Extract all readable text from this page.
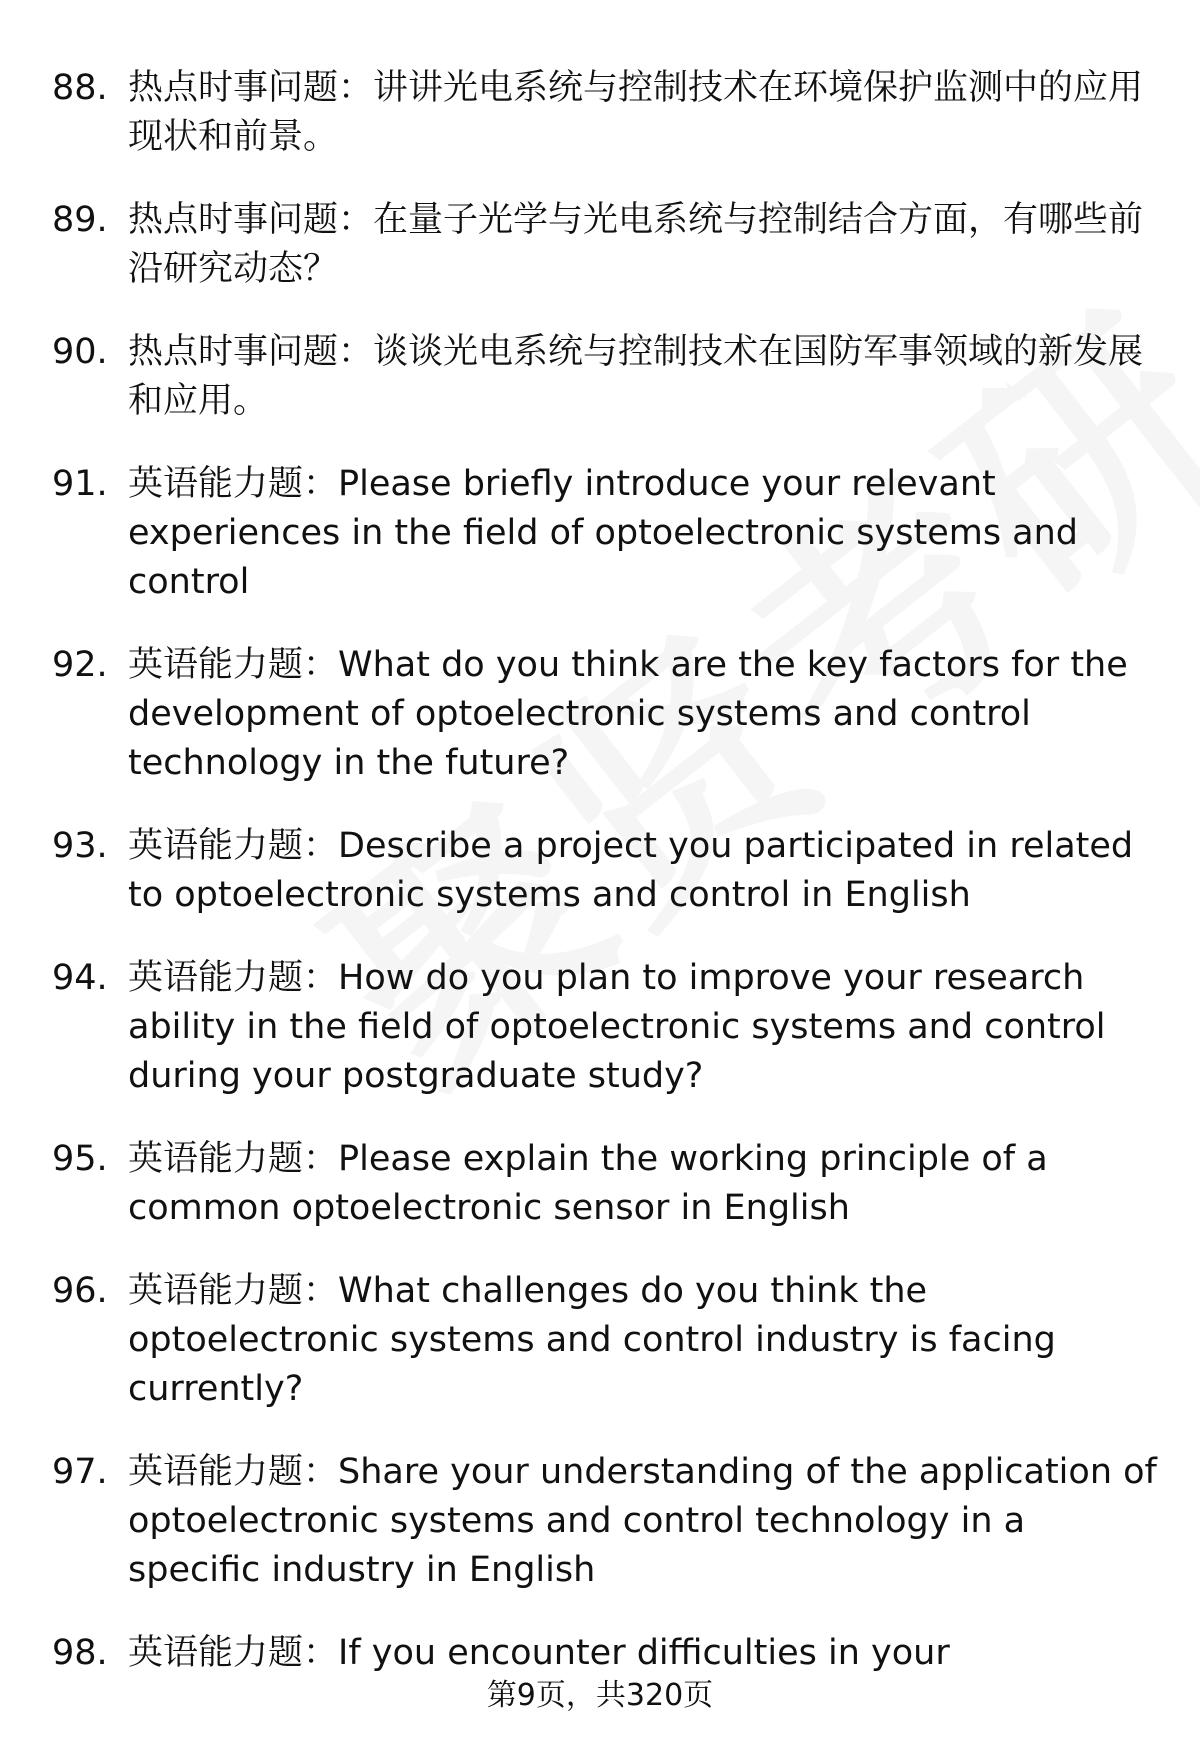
88. 热点时事问题：讲讲光电系统与控制技术在环境保护监测中的应用现状和前景。
89. 热点时事问题：在量子光学与光电系统与控制结合方面，有哪些前沿研究动态？
90. 热点时事问题：谈谈光电系统与控制技术在国防军事领域的新发展和应用。
91. 英语能力题：Please briefly introduce your relevant experiences in the field of optoelectronic systems and control
92. 英语能力题：What do you think are the key factors for the development of optoelectronic systems and control technology in the future?
93. 英语能力题：Describe a project you participated in related to optoelectronic systems and control in English
94. 英语能力题：How do you plan to improve your research ability in the field of optoelectronic systems and control during your postgraduate study?
95. 英语能力题：Please explain the working principle of a common optoelectronic sensor in English
96. 英语能力题：What challenges do you think the optoelectronic systems and control industry is facing currently?
97. 英语能力题：Share your understanding of the application of optoelectronic systems and control technology in a specific industry in English
98. 英语能力题：If you encounter difficulties in your
第9页，共320页
